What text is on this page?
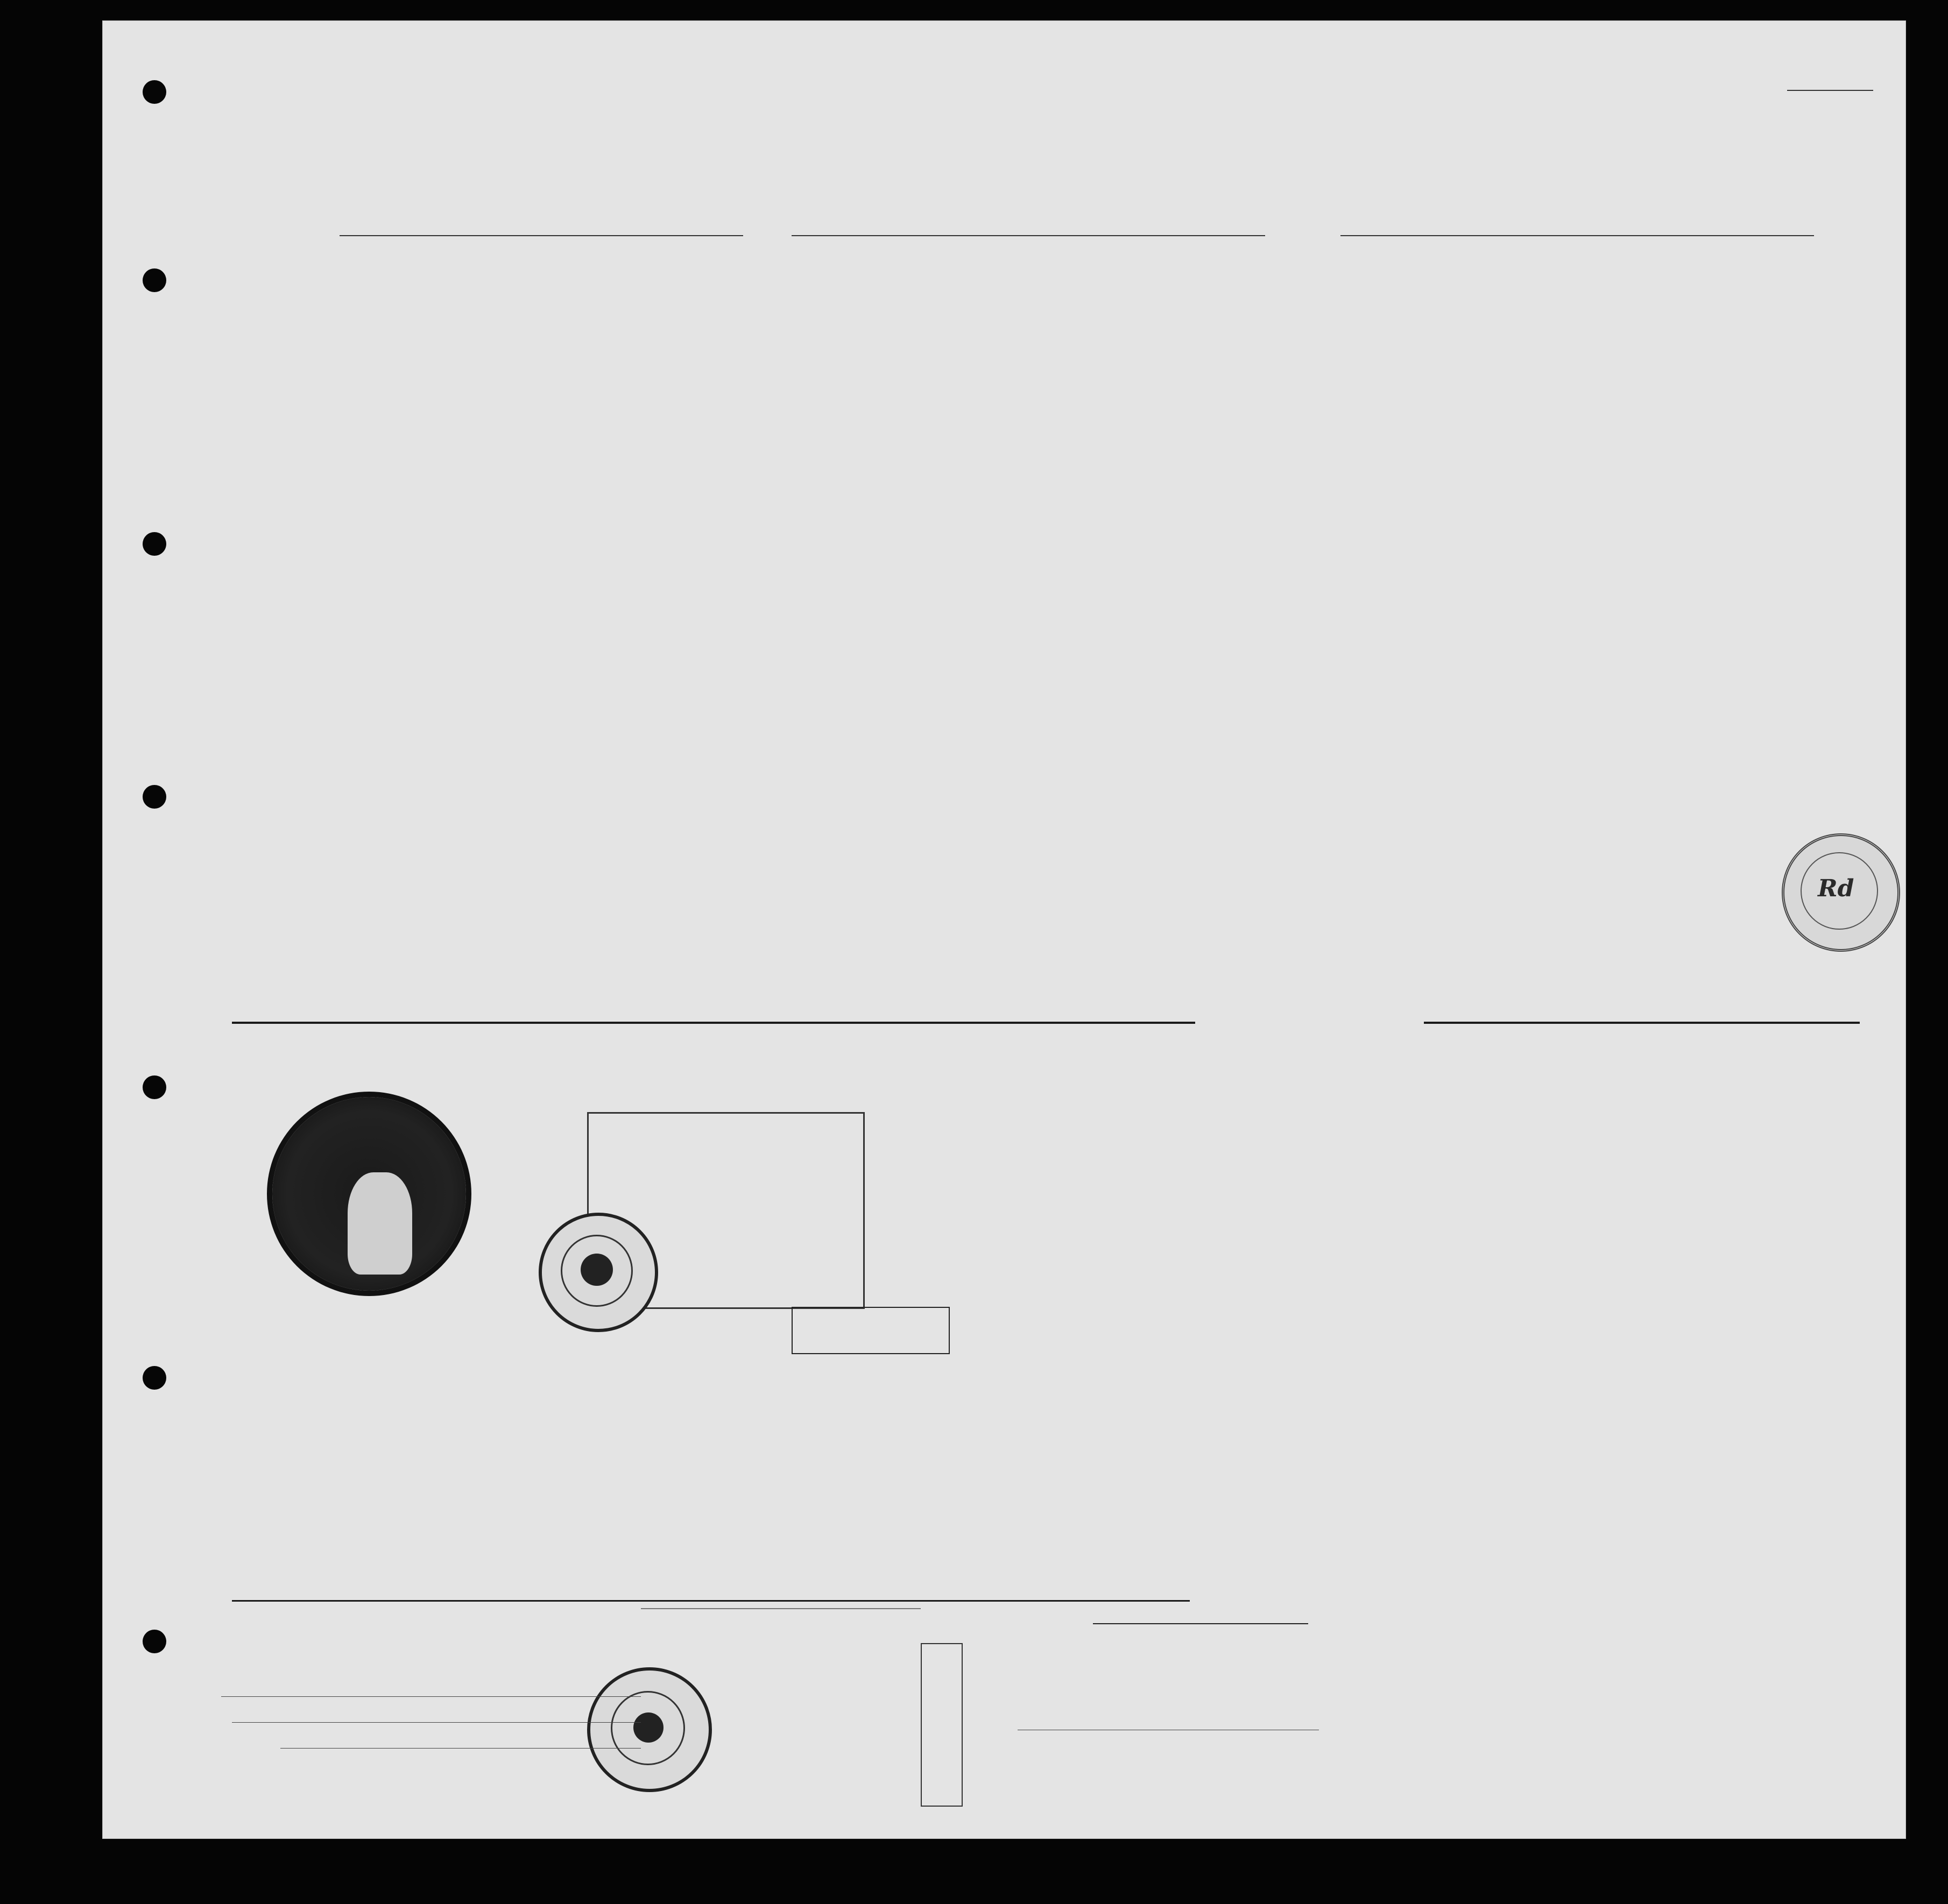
Rd
